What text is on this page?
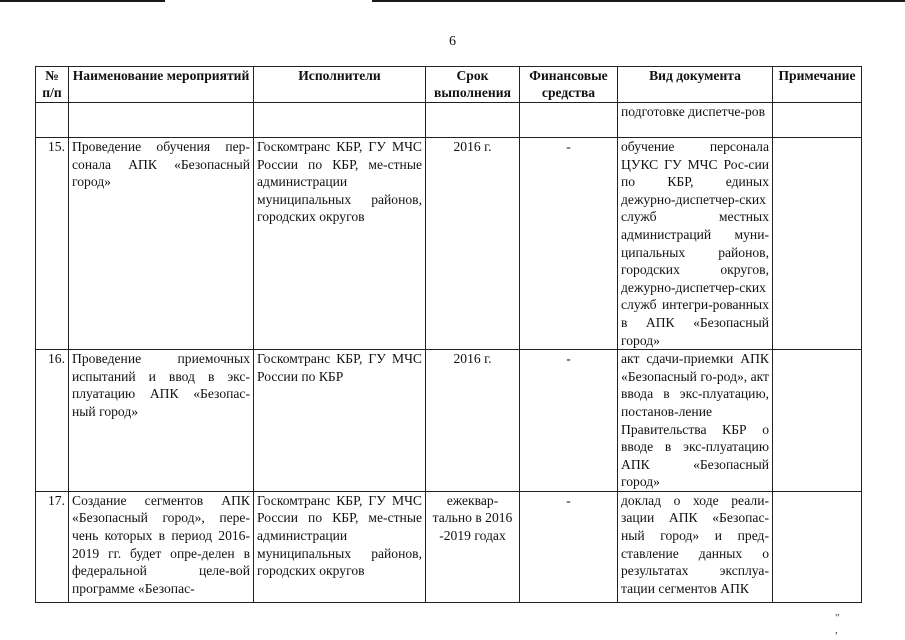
6
№ п/п	Наименование мероприятий	Исполнители	Срок выполнения	Финансовые средства	Вид документа	Примечание
					подготовке диспетче-ров	
15.	Проведение обучения пер-сонала АПК «Безопасный город»	Госкомтранс КБР, ГУ МЧС России по КБР, ме-стные администрации муниципальных районов, городских округов	2016 г.	-	обучение персонала ЦУКС ГУ МЧС Рос-сии по КБР, единых дежурно-диспетчер-ских служб местных администраций муни-ципальных районов, городских округов, дежурно-диспетчер-ских служб интегри-рованных в АПК «Безопасный город»	
16.	Проведение приемочных испытаний и ввод в экс-плуатацию АПК «Безопас-ный город»	Госкомтранс КБР, ГУ МЧС России по КБР	2016 г.	-	акт сдачи-приемки АПК «Безопасный го-род», акт ввода в экс-плуатацию, постанов-ление Правительства КБР о вводе в экс-плуатацию АПК «Безопасный город»	
17.	Создание сегментов АПК «Безопасный город», пере-чень которых в период 2016- 2019 гг. будет опре-делен в федеральной целе-вой программе «Безопас-	Госкомтранс КБР, ГУ МЧС России по КБР, ме-стные администрации муниципальных районов, городских округов	ежеквар-тально в 2016 -2019 годах	-	доклад о ходе реали-зации АПК «Безопас-ный город» и пред-ставление данных о результатах эксплуа-тации сегментов АПК	
" ,
